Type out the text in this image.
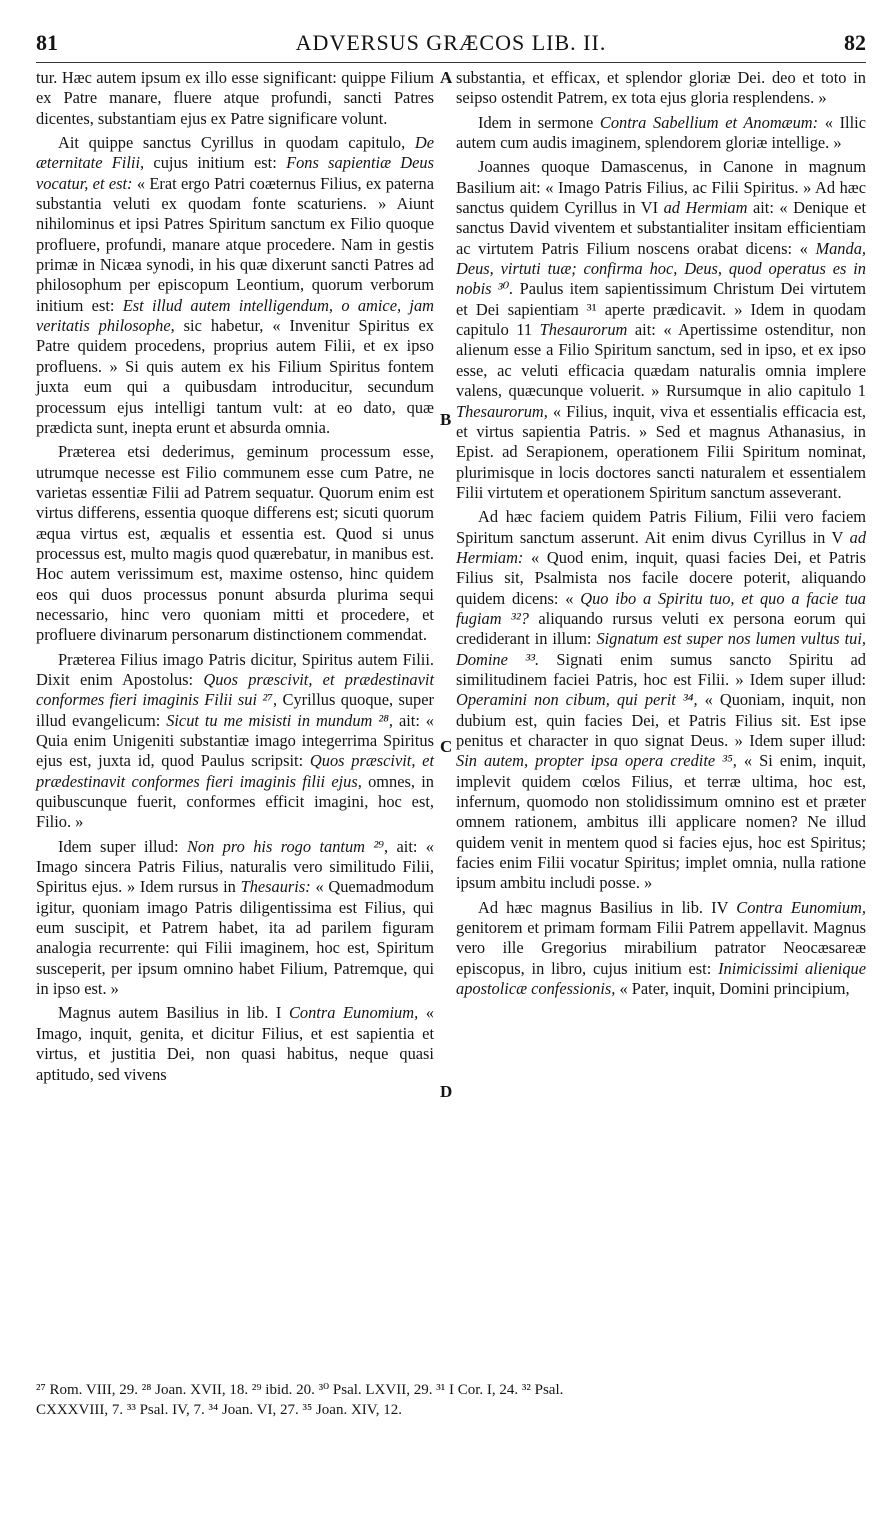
81	ADVERSUS GRÆCOS LIB. II.	82
A
B
C
D

tur. Hæc autem ipsum ex illo esse significant: quippe Filium ex Patre manare, fluere atque profundi, sancti Patres dicentes, substantiam ejus ex Patre significare volunt.

Ait quippe sanctus Cyrillus in quodam capitulo, De æternitate Filii, cujus initium est: Fons sapientiæ Deus vocatur, et est: « Erat ergo Patri coæternus Filius, ex paterna substantia veluti ex quodam fonte scaturiens. » Aiunt nihilominus et ipsi Patres Spiritum sanctum ex Filio quoque profluere, profundi, manare atque procedere. Nam in gestis primæ in Nicæa synodi, in his quæ dixerunt sancti Patres ad philosophum per episcopum Leontium, quorum verborum initium est: Est illud autem intelligendum, o amice, jam veritatis philosophe, sic habetur, « Invenitur Spiritus ex Patre quidem procedens, proprius autem Filii, et ex ipso profluens. » Si quis autem ex his Filium Spiritus fontem juxta eum qui a quibusdam introducitur, secundum processum ejus intelligi tantum vult: at eo dato, quæ prædicta sunt, inepta erunt et absurda omnia.

Præterea etsi dederimus, geminum processum esse, utrumque necesse est Filio communem esse cum Patre, ne varietas essentiæ Filii ad Patrem sequatur. Quorum enim est virtus differens, essentia quoque differens est; sicuti quorum æqua virtus est, æqualis et essentia est. Quod si unus processus est, multo magis quod quærebatur, in manibus est. Hoc autem verissimum est, maxime ostenso, hinc quidem eos qui duos processus ponunt absurda plurima sequi necessario, hinc vero quoniam mitti et procedere, et profluere divinarum personarum distinctionem commendat.

Præterea Filius imago Patris dicitur, Spiritus autem Filii. Dixit enim Apostolus: Quos præscivit, et prædestinavit conformes fieri imaginis Filii sui ²⁷, Cyrillus quoque, super illud evangelicum: Sicut tu me misisti in mundum ²⁸, ait: « Quia enim Unigeniti substantiæ imago integerrima Spiritus ejus est, juxta id, quod Paulus scripsit: Quos præscivit, et prædestinavit conformes fieri imaginis filii ejus, omnes, in quibuscunque fuerit, conformes efficit imagini, hoc est, Filio. »

Idem super illud: Non pro his rogo tantum ²⁹, ait: « Imago sincera Patris Filius, naturalis vero similitudo Filii, Spiritus ejus. » Idem rursus in Thesauris: « Quemadmodum igitur, quoniam imago Patris diligentissima est Filius, qui eum suscipit, et Patrem habet, ita ad parilem figuram analogia recurrente: qui Filii imaginem, hoc est, Spiritum susceperit, per ipsum omnino habet Filium, Patremque, qui in ipso est. »

Magnus autem Basilius in lib. I Contra Eunomium, « Imago, inquit, genita, et dicitur Filius, et est sapientia et virtus, et justitia Dei, non quasi habitus, neque quasi aptitudo, sed vivens

substantia, et efficax, et splendor gloriæ Dei. deo et toto in seipso ostendit Patrem, ex tota ejus gloria resplendens. »

Idem in sermone Contra Sabellium et Anomæum: « Illic autem cum audis imaginem, splendorem gloriæ intellige. »

Joannes quoque Damascenus, in Canone in magnum Basilium ait: « Imago Patris Filius, ac Filii Spiritus. » Ad hæc sanctus quidem Cyrillus in VI ad Hermiam ait: « Denique et sanctus David viventem et substantialiter insitam efficientiam ac virtutem Patris Filium noscens orabat dicens: « Manda, Deus, virtuti tuæ; confirma hoc, Deus, quod operatus es in nobis ³⁰. Paulus item sapientissimum Christum Dei virtutem et Dei sapientiam ³¹ aperte prædicavit. » Idem in quodam capitulo 11 Thesaurorum ait: « Apertissime ostenditur, non alienum esse a Filio Spiritum sanctum, sed in ipso, et ex ipso esse, ac veluti efficacia quædam naturalis omnia implere valens, quæcunque voluerit. » Rursumque in alio capitulo 1 Thesaurorum, « Filius, inquit, viva et essentialis efficacia est, et virtus sapientia Patris. » Sed et magnus Athanasius, in Epist. ad Serapionem, operationem Filii Spiritum nominat, plurimisque in locis doctores sancti naturalem et essentialem Filii virtutem et operationem Spiritum sanctum asseverant.

Ad hæc faciem quidem Patris Filium, Filii vero faciem Spiritum sanctum asserunt. Ait enim divus Cyrillus in V ad Hermiam: « Quod enim, inquit, quasi facies Dei, et Patris Filius sit, Psalmista nos facile docere poterit, aliquando quidem dicens: « Quo ibo a Spiritu tuo, et quo a facie tua fugiam ³²? aliquando rursus veluti ex persona eorum qui crediderant in illum: Signatum est super nos lumen vultus tui, Domine ³³. Signati enim sumus sancto Spiritu ad similitudinem faciei Patris, hoc est Filii. » Idem super illud: Operamini non cibum, qui perit ³⁴, « Quoniam, inquit, non dubium est, quin facies Dei, et Patris Filius sit. Est ipse penitus et character in quo signat Deus. » Idem super illud: Sin autem, propter ipsa opera credite ³⁵, « Si enim, inquit, implevit quidem cœlos Filius, et terræ ultima, hoc est, infernum, quomodo non stolidissimum omnino est et præter omnem rationem, ambitus illi applicare nomen? Ne illud quidem venit in mentem quod si facies ejus, hoc est Spiritus; facies enim Filii vocatur Spiritus; implet omnia, nulla ratione ipsum ambitu includi posse. »

Ad hæc magnus Basilius in lib. IV Contra Eunomium, genitorem et primam formam Filii Patrem appellavit. Magnus vero ille Gregorius mirabilium patrator Neocæsareæ episcopus, in libro, cujus initium est: Inimicissimi alienique apostolicæ confessionis, « Pater, inquit, Domini principium,

²⁷ Rom. VIII, 29. ²⁸ Joan. XVII, 18. ²⁹ ibid. 20. ³⁰ Psal. LXVII, 29. ³¹ I Cor. I, 24. ³² Psal.
CXXXVIII, 7. ³³ Psal. IV, 7. ³⁴ Joan. VI, 27. ³⁵ Joan. XIV, 12.
